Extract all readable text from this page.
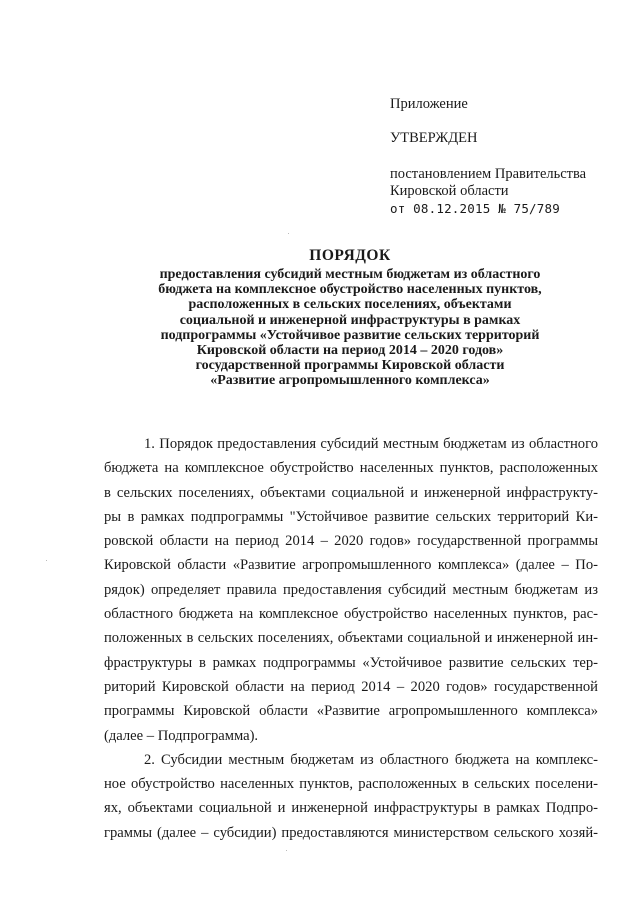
Приложение
УТВЕРЖДЕН
постановлением Правительства
Кировской области
от 08.12.2015 № 75/789
ПОРЯДОК
предоставления субсидий местным бюджетам из областного
бюджета на комплексное обустройство населенных пунктов,
расположенных в сельских поселениях, объектами
социальной и инженерной инфраструктуры в рамках
подпрограммы «Устойчивое развитие сельских территорий
Кировской области на период 2014 – 2020 годов»
государственной программы Кировской области
«Развитие агропромышленного комплекса»
1. Порядок предоставления субсидий местным бюджетам из областного
бюджета на комплексное обустройство населенных пунктов, расположенных
в сельских поселениях, объектами социальной и инженерной инфраструкту-
ры в рамках подпрограммы "Устойчивое развитие сельских территорий Ки-
ровской области на период 2014 – 2020 годов» государственной программы
Кировской области «Развитие агропромышленного комплекса» (далее – По-
рядок) определяет правила предоставления субсидий местным бюджетам из
областного бюджета на комплексное обустройство населенных пунктов, рас-
положенных в сельских поселениях, объектами социальной и инженерной ин-
фраструктуры в рамках подпрограммы «Устойчивое развитие сельских тер-
риторий Кировской области на период 2014 – 2020 годов» государственной
программы Кировской области «Развитие агропромышленного комплекса»
(далее – Подпрограмма).
2. Субсидии местным бюджетам из областного бюджета на комплекс-
ное обустройство населенных пунктов, расположенных в сельских поселени-
ях, объектами социальной и инженерной инфраструктуры в рамках Подпро-
граммы (далее – субсидии) предоставляются министерством сельского хозяй-
